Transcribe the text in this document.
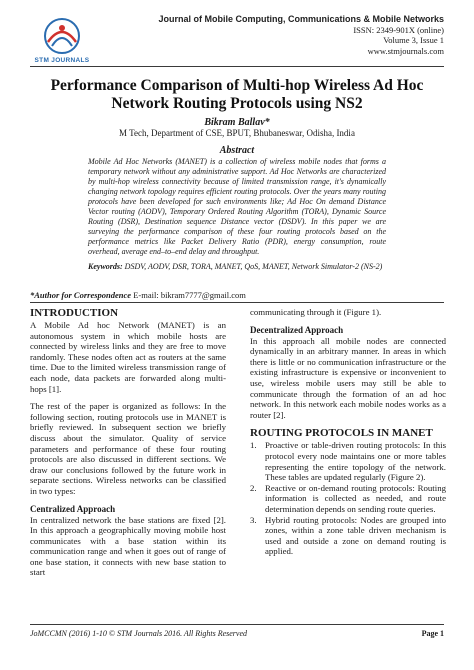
STM JOURNALS
Journal of Mobile Computing, Communications & Mobile Networks
ISSN: 2349-901X (online)
Volume 3, Issue 1
www.stmjournals.com
Performance Comparison of Multi-hop Wireless Ad Hoc
Network Routing Protocols using NS2
Bikram Ballav*
M Tech, Department of CSE, BPUT, Bhubaneswar, Odisha, India
Abstract
Mobile Ad Hoc Networks (MANET) is a collection of wireless mobile nodes that forms a temporary network without any administrative support. Ad Hoc Networks are characterized by multi-hop wireless connectivity because of limited transmission range, it's dynamically changing network topology requires efficient routing protocols. Over the years many routing protocols have been developed for such environments like; Ad Hoc On demand Distance Vector routing (AODV), Temporary Ordered Routing Algorithm (TORA), Dynamic Source Routing (DSR), Destination sequence Distance vector (DSDV). In this paper we are surveying the performance comparison of these four routing protocols based on the performance metrics like Packet Delivery Ratio (PDR), energy consumption, route overhead, average end–to–end delay and throughput.
Keywords: DSDV, AODV, DSR, TORA, MANET, QoS, MANET, Network Simulator-2 (NS-2)
*Author for Correspondence E-mail: bikram7777@gmail.com
INTRODUCTION

A Mobile Ad hoc Network (MANET) is an autonomous system in which mobile hosts are connected by wireless links and they are free to move randomly. These nodes often act as routers at the same time. Due to the limited wireless transmission range of each node, data packets are forwarded along multi-hops [1].

The rest of the paper is organized as follows: In the following section, routing protocols use in MANET is briefly reviewed. In subsequent section we briefly discuss about the simulator. Quality of service parameters and performance of these four routing protocols are also discussed in different sections. We draw our conclusions followed by the future work in separate sections. Wireless networks can be classified in two types:

Centralized Approach

In centralized network the base stations are fixed [2]. In this approach a geographically moving mobile host communicates with a base station within its communication range and when it goes out of range of one base station, it connects with new base station to start

communicating through it (Figure 1).

Decentralized Approach

In this approach all mobile nodes are connected dynamically in an arbitrary manner. In areas in which there is little or no communication infrastructure or the existing infrastructure is expensive or inconvenient to use, wireless mobile users may still be able to communicate through the formation of an ad hoc network. In this network each mobile nodes works as a router [2].

ROUTING PROTOCOLS IN MANET
1. Proactive or table-driven routing protocols: In this protocol every node maintains one or more tables representing the entire topology of the network. These tables are updated regularly (Figure 2).
2. Reactive or on-demand routing protocols: Routing information is collected as needed, and route determination depends on sending route queries.
3. Hybrid routing protocols: Nodes are grouped into zones, within a zone table driven mechanism is used and outside a zone on demand routing is applied.
JoMCCMN (2016) 1-10 © STM Journals 2016. All Rights Reserved	Page 1
